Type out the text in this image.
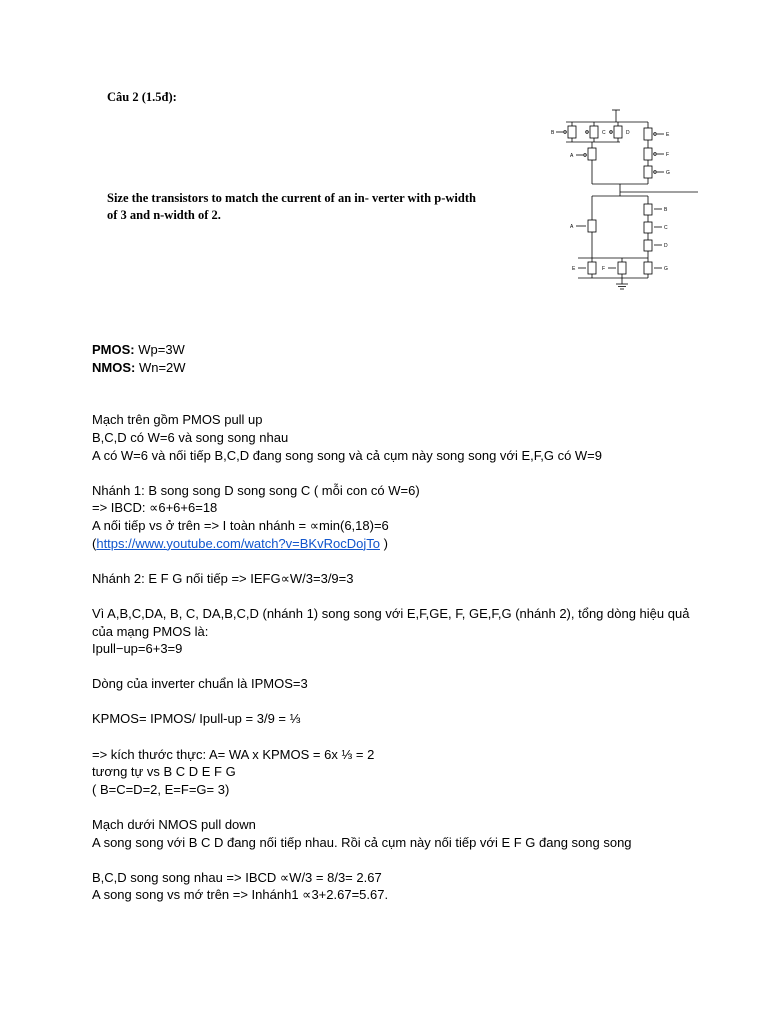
Câu 2 (1.5đ):

Size the transistors to match the current of an in- verter with p-width of 3 and n-width of 2.

B	C	D	E
A	F
G
B
A	C
D
E	F	G

PMOS: Wp=3W

NMOS: Wn=2W

Mạch trên gồm PMOS pull up

B,C,D có W=6 và song song nhau

A có W=6 và nối tiếp B,C,D đang song song và cả cụm này song song với E,F,G có W=9

Nhánh 1: B song song D song song C ( mỗi con có W=6)

=> IBCD: ∝6+6+6=18

A nối tiếp vs ở trên => I toàn nhánh = ∝min(6,18)=6

(https://www.youtube.com/watch?v=BKvRocDojTo )

Nhánh 2: E F G nối tiếp => IEFG∝W/3=3/9=3

Vì A,B,C,DA, B, C, DA,B,C,D (nhánh 1) song song với E,F,GE, F, GE,F,G (nhánh 2), tổng dòng hiệu quả của mạng PMOS là:

Ipull−up=6+3=9

Dòng của inverter chuẩn là IPMOS=3

KPMOS= IPMOS/ Ipull-up = 3/9 = ⅓

=> kích thước thực: A= WA x KPMOS = 6x ⅓ = 2

tương tự vs B C D E F G

( B=C=D=2, E=F=G= 3)

Mạch dưới NMOS pull down

A song song với B C D đang nối tiếp nhau. Rồi cả cụm này nối tiếp với E F G đang song song

B,C,D song song nhau => IBCD ∝W/3 = 8/3= 2.67

A song song vs mớ trên => Inhánh1 ∝3+2.67=5.67.
